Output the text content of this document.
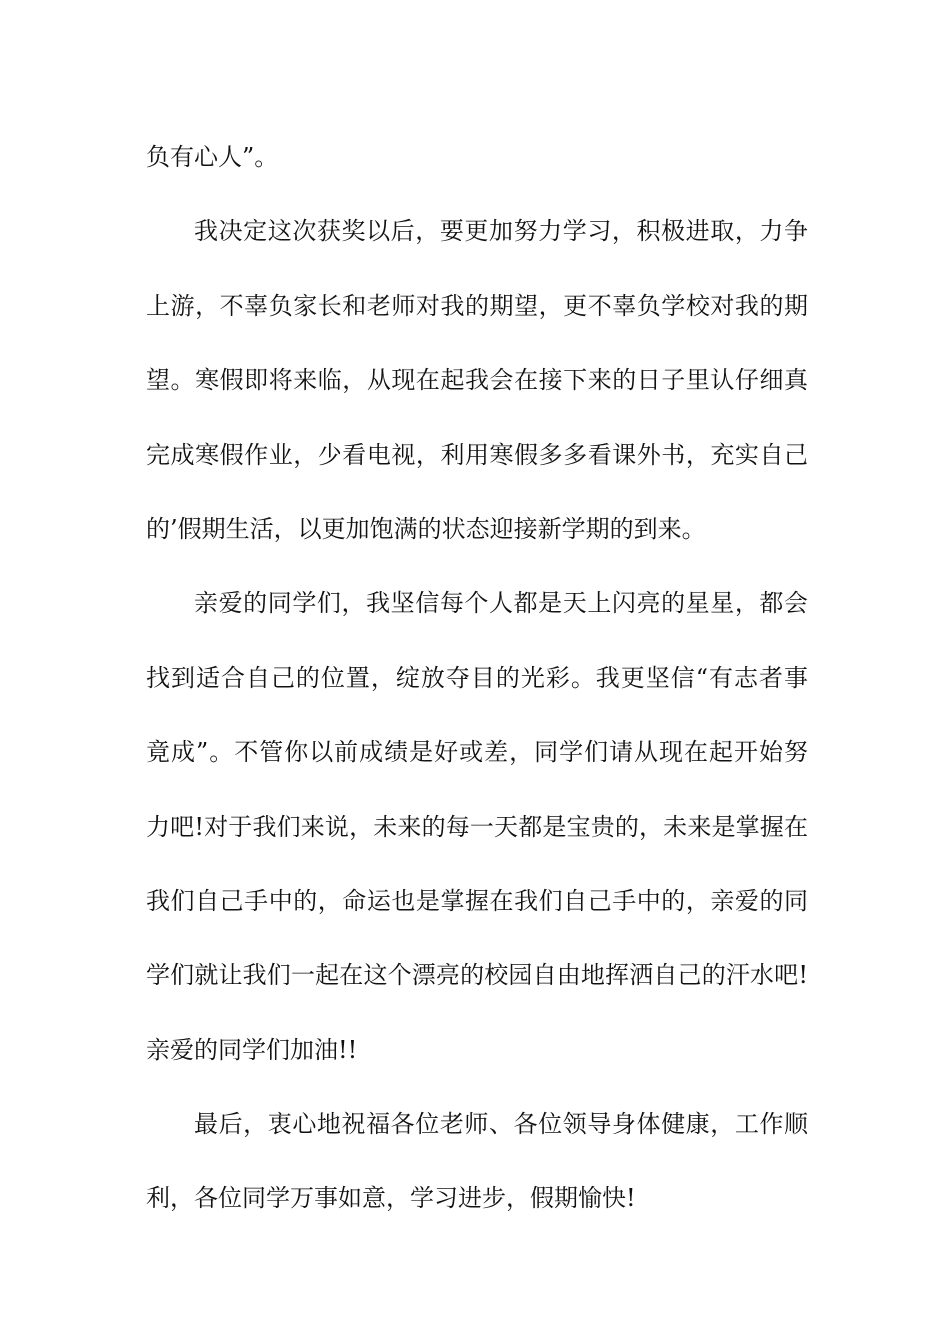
负有心人”。
我决定这次获奖以后，要更加努力学习，积极进取，力争
上游，不辜负家长和老师对我的期望，更不辜负学校对我的期
望。寒假即将来临，从现在起我会在接下来的日子里认仔细真
完成寒假作业，少看电视，利用寒假多多看课外书，充实自己
的’假期生活，以更加饱满的状态迎接新学期的到来。
亲爱的同学们，我坚信每个人都是天上闪亮的星星，都会
找到适合自己的位置，绽放夺目的光彩。我更坚信“有志者事
竟成”。不管你以前成绩是好或差，同学们请从现在起开始努
力吧!对于我们来说，未来的每一天都是宝贵的，未来是掌握在
我们自己手中的，命运也是掌握在我们自己手中的，亲爱的同
学们就让我们一起在这个漂亮的校园自由地挥洒自己的汗水吧!
亲爱的同学们加油!!
最后，衷心地祝福各位老师、各位领导身体健康，工作顺
利，各位同学万事如意，学习进步，假期愉快!
